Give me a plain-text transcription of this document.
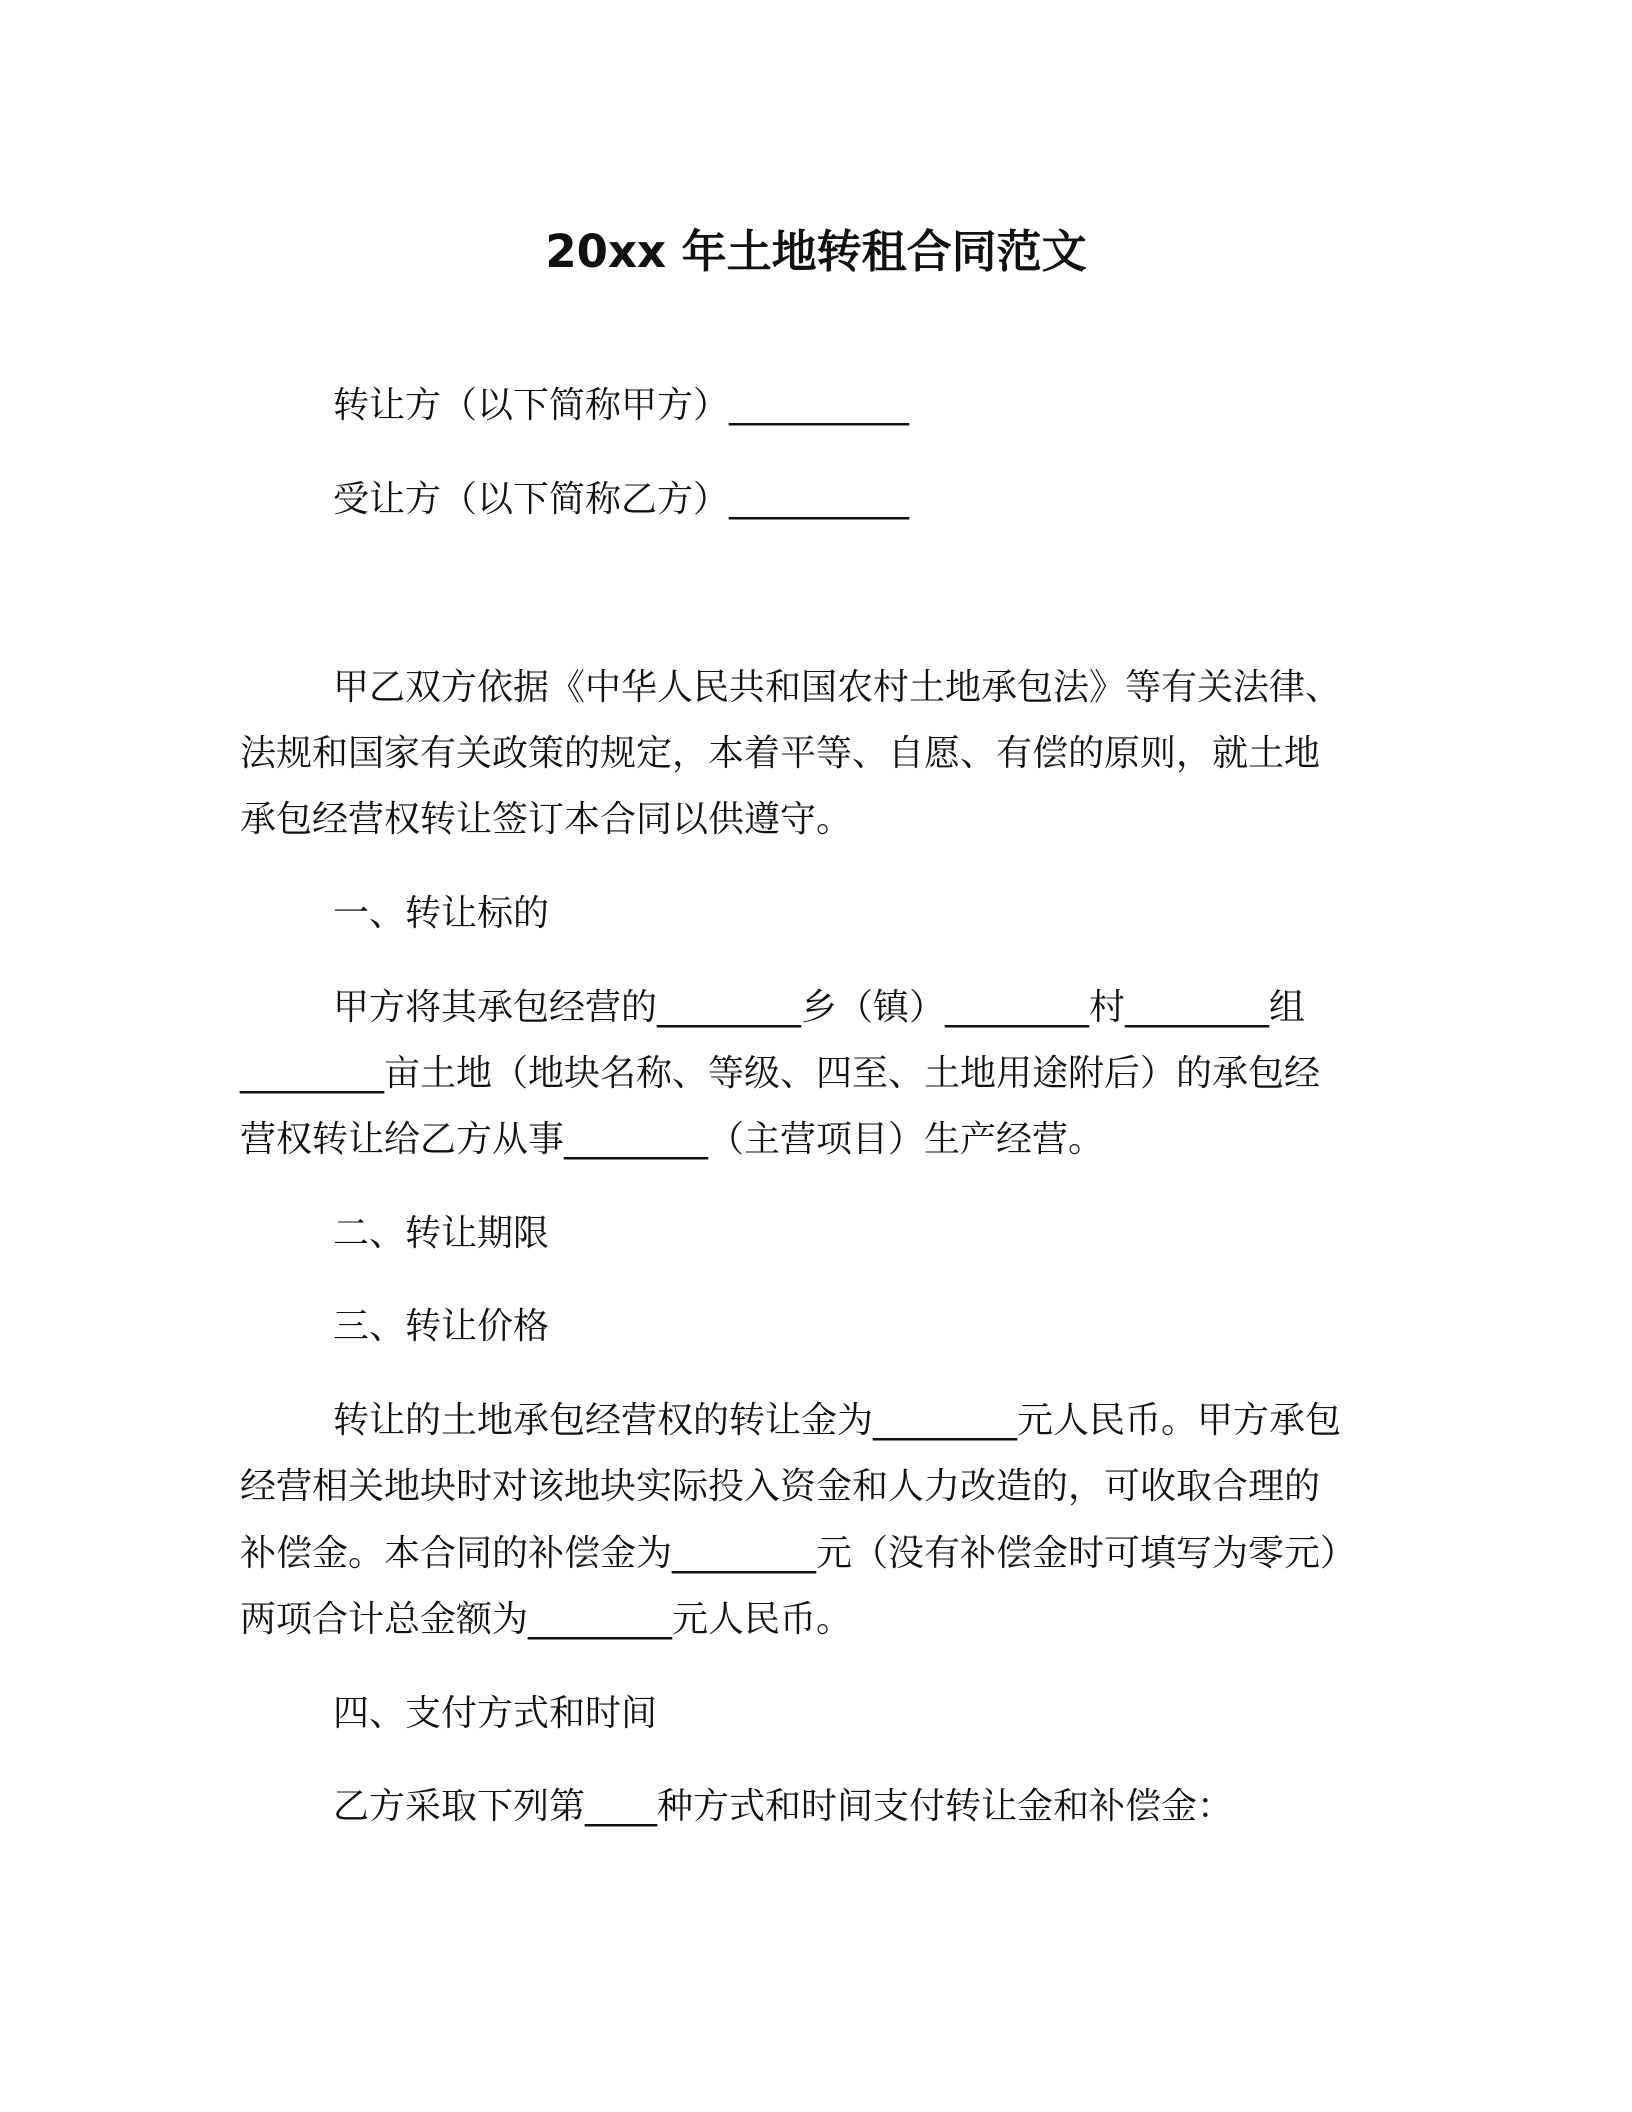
20xx 年土地转租合同范文
转让方（以下简称甲方）__________
受让方（以下简称乙方）__________
甲乙双方依据《中华人民共和国农村土地承包法》等有关法律、
法规和国家有关政策的规定，本着平等、自愿、有偿的原则，就土地
承包经营权转让签订本合同以供遵守。
一、转让标的
甲方将其承包经营的________乡（镇）________村________组
________亩土地（地块名称、等级、四至、土地用途附后）的承包经
营权转让给乙方从事________（主营项目）生产经营。
二、转让期限
三、转让价格
转让的土地承包经营权的转让金为________元人民币。甲方承包
经营相关地块时对该地块实际投入资金和人力改造的，可收取合理的
补偿金。本合同的补偿金为________元（没有补偿金时可填写为零元）
两项合计总金额为________元人民币。
四、支付方式和时间
乙方采取下列第____种方式和时间支付转让金和补偿金：
